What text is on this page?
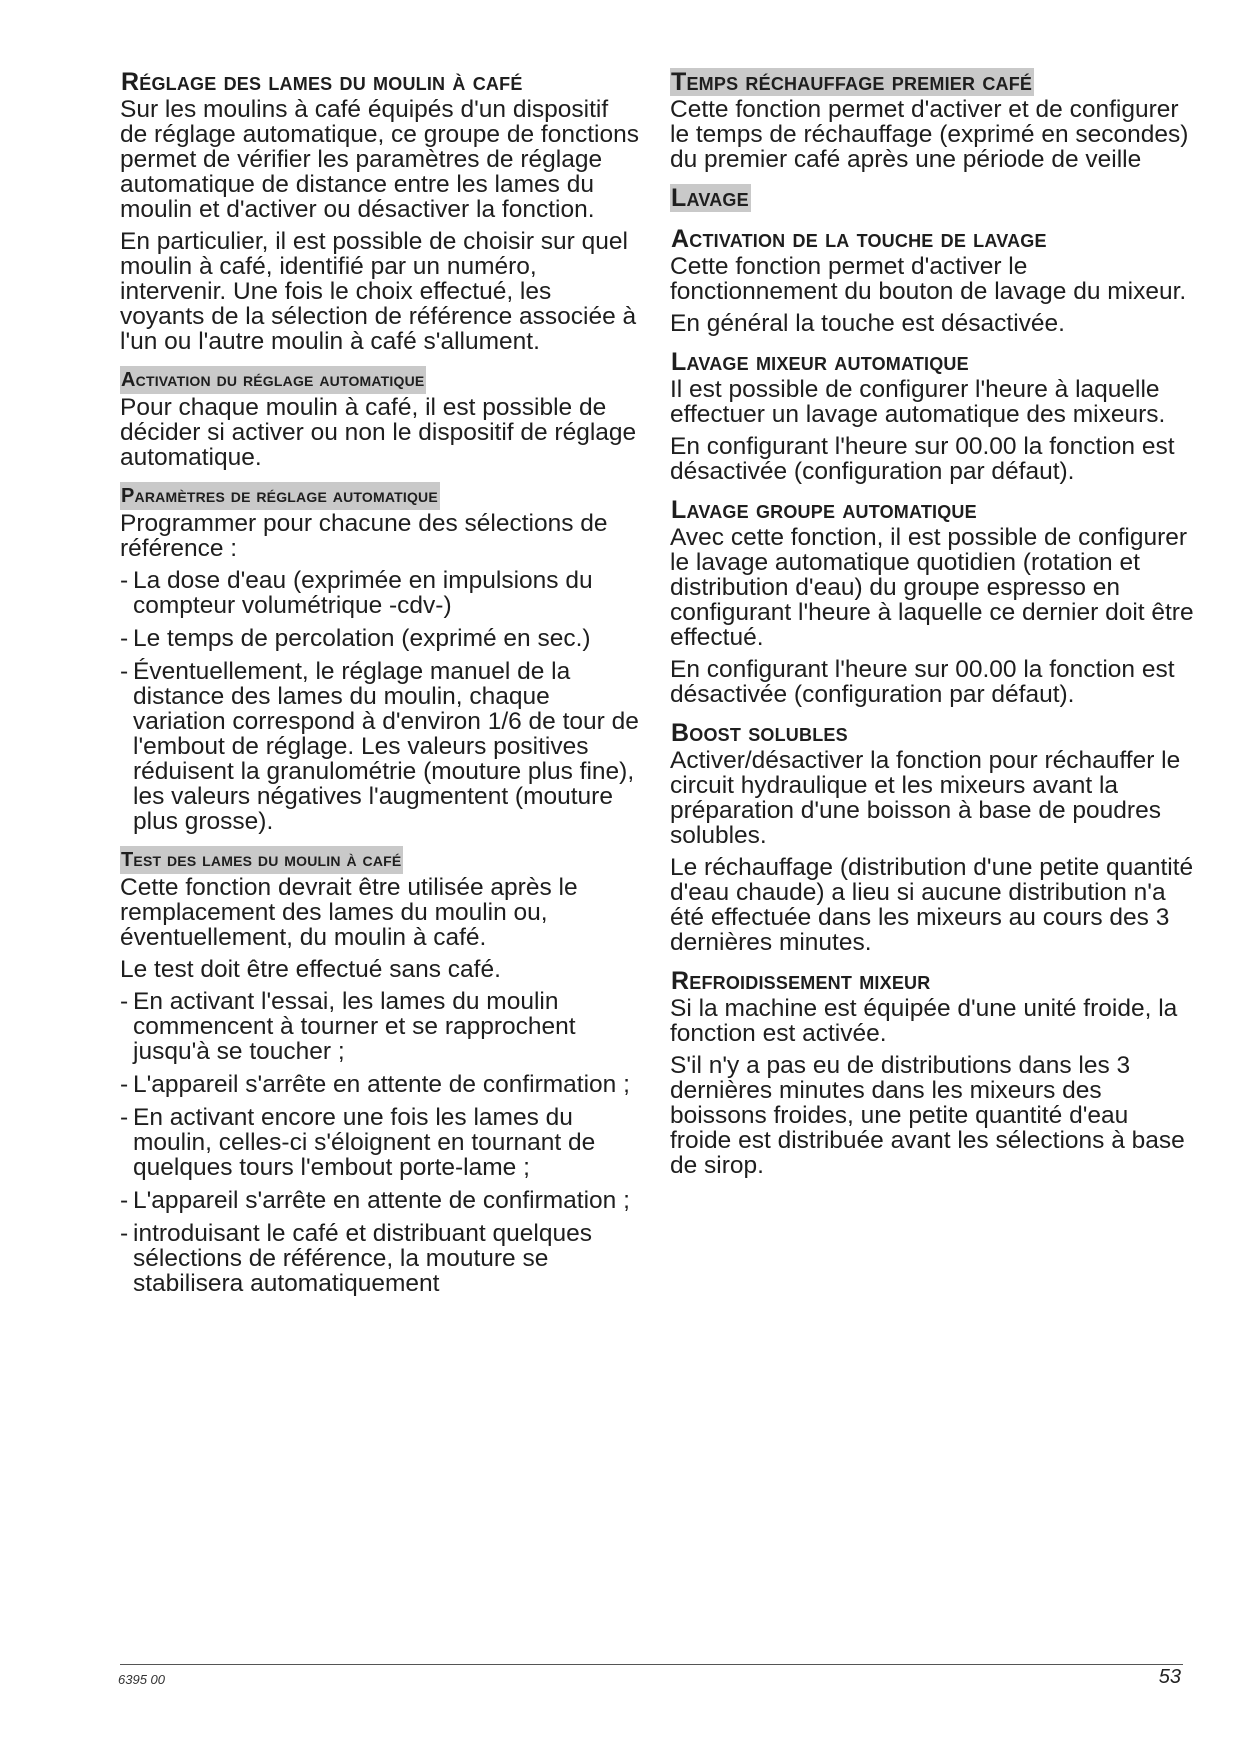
Réglage des lames du moulin à café

Sur les moulins à café équipés d'un dispositif de réglage automatique, ce groupe de fonctions permet de vérifier les paramètres de réglage automatique de distance entre les lames du moulin et d'activer ou désactiver la fonction.

En particulier, il est possible de choisir sur quel moulin à café, identifié par un numéro, intervenir. Une fois le choix effectué, les voyants de la sélection de référence associée à l'un ou l'autre moulin à café s'allument.

Activation du réglage automatique

Pour chaque moulin à café, il est possible de décider si activer ou non le dispositif de réglage automatique.

Paramètres de réglage automatique

Programmer pour chacune des sélections de référence :

- La dose d'eau (exprimée en impulsions du compteur volumétrique -cdv-)
- Le temps de percolation (exprimé en sec.)
- Éventuellement, le réglage manuel de la distance des lames du moulin, chaque variation correspond à d'environ 1/6 de tour de l'embout de réglage. Les valeurs positives réduisent la granulométrie (mouture plus fine), les valeurs négatives l'augmentent (mouture plus grosse).
Test des lames du moulin à café

Cette fonction devrait être utilisée après le remplacement des lames du moulin ou, éventuellement, du moulin à café.

Le test doit être effectué sans café.

- En activant l'essai, les lames du moulin commencent à tourner et se rapprochent jusqu'à se toucher ;
- L'appareil s'arrête en attente de confirmation ;
- En activant encore une fois les lames du moulin, celles-ci s'éloignent en tournant de quelques tours l'embout porte-lame ;
- L'appareil s'arrête en attente de confirmation ;
- introduisant le café et distribuant quelques sélections de référence, la mouture se stabilisera automatiquement
Temps réchauffage premier café

Cette fonction permet d'activer et de configurer le temps de réchauffage (exprimé en secondes) du premier café après une période de veille

Lavage
Activation de la touche de lavage

Cette fonction permet d'activer le fonctionnement du bouton de lavage du mixeur.

En général la touche est désactivée.

Lavage mixeur automatique

Il est possible de configurer l'heure à laquelle effectuer un lavage automatique des mixeurs.

En configurant l'heure sur 00.00 la fonction est désactivée (configuration par défaut).

Lavage groupe automatique

Avec cette fonction, il est possible de configurer le lavage automatique quotidien (rotation et distribution d'eau) du groupe espresso en configurant l'heure à laquelle ce dernier doit être effectué.

En configurant l'heure sur 00.00 la fonction est désactivée (configuration par défaut).

Boost solubles

Activer/désactiver la fonction pour réchauffer le circuit hydraulique et les mixeurs avant la préparation d'une boisson à base de poudres solubles.

Le réchauffage (distribution d'une petite quantité d'eau chaude) a lieu si aucune distribution n'a été effectuée dans les mixeurs au cours des 3 dernières minutes.

Refroidissement mixeur

Si la machine est équipée d'une unité froide, la fonction est activée.

S'il n'y a pas eu de distributions dans les 3 dernières minutes dans les mixeurs des boissons froides, une petite quantité d'eau froide est distribuée avant les sélections à base de sirop.

6395 00	53
